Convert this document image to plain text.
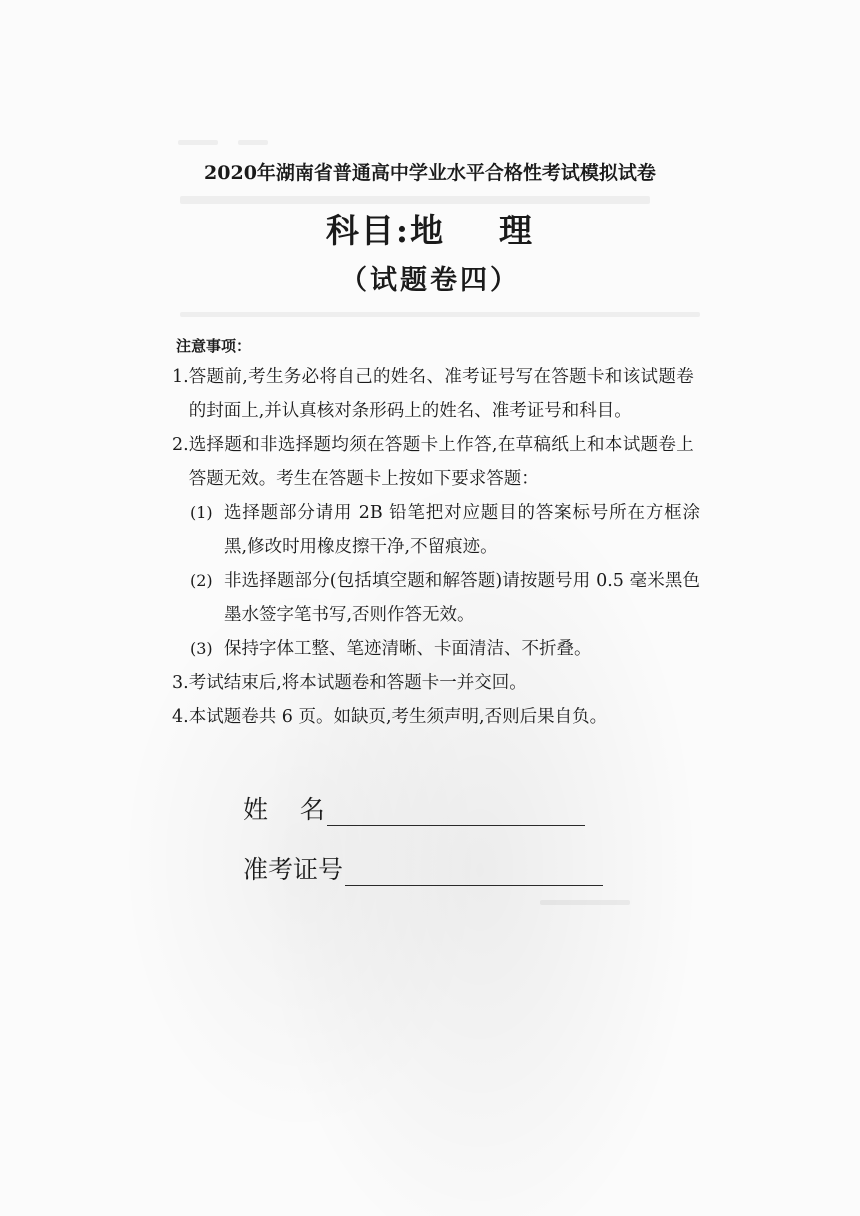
2020年湖南省普通高中学业水平合格性考试模拟试卷
科目:地    理
（试题卷四）
注意事项：
1. 答题前,考生务必将自己的姓名、准考证号写在答题卡和该试题卷的封面上,并认真核对条形码上的姓名、准考证号和科目。
2. 选择题和非选择题均须在答题卡上作答,在草稿纸上和本试题卷上答题无效。考生在答题卡上按如下要求答题：
(1) 选择题部分请用 2B 铅笔把对应题目的答案标号所在方框涂黑,修改时用橡皮擦干净,不留痕迹。
(2) 非选择题部分(包括填空题和解答题)请按题号用 0.5 毫米黑色墨水签字笔书写,否则作答无效。
(3) 保持字体工整、笔迹清晰、卡面清洁、不折叠。
3. 考试结束后,将本试题卷和答题卡一并交回。
4. 本试题卷共 6 页。如缺页,考生须声明,否则后果自负。
姓    名
准考证号
